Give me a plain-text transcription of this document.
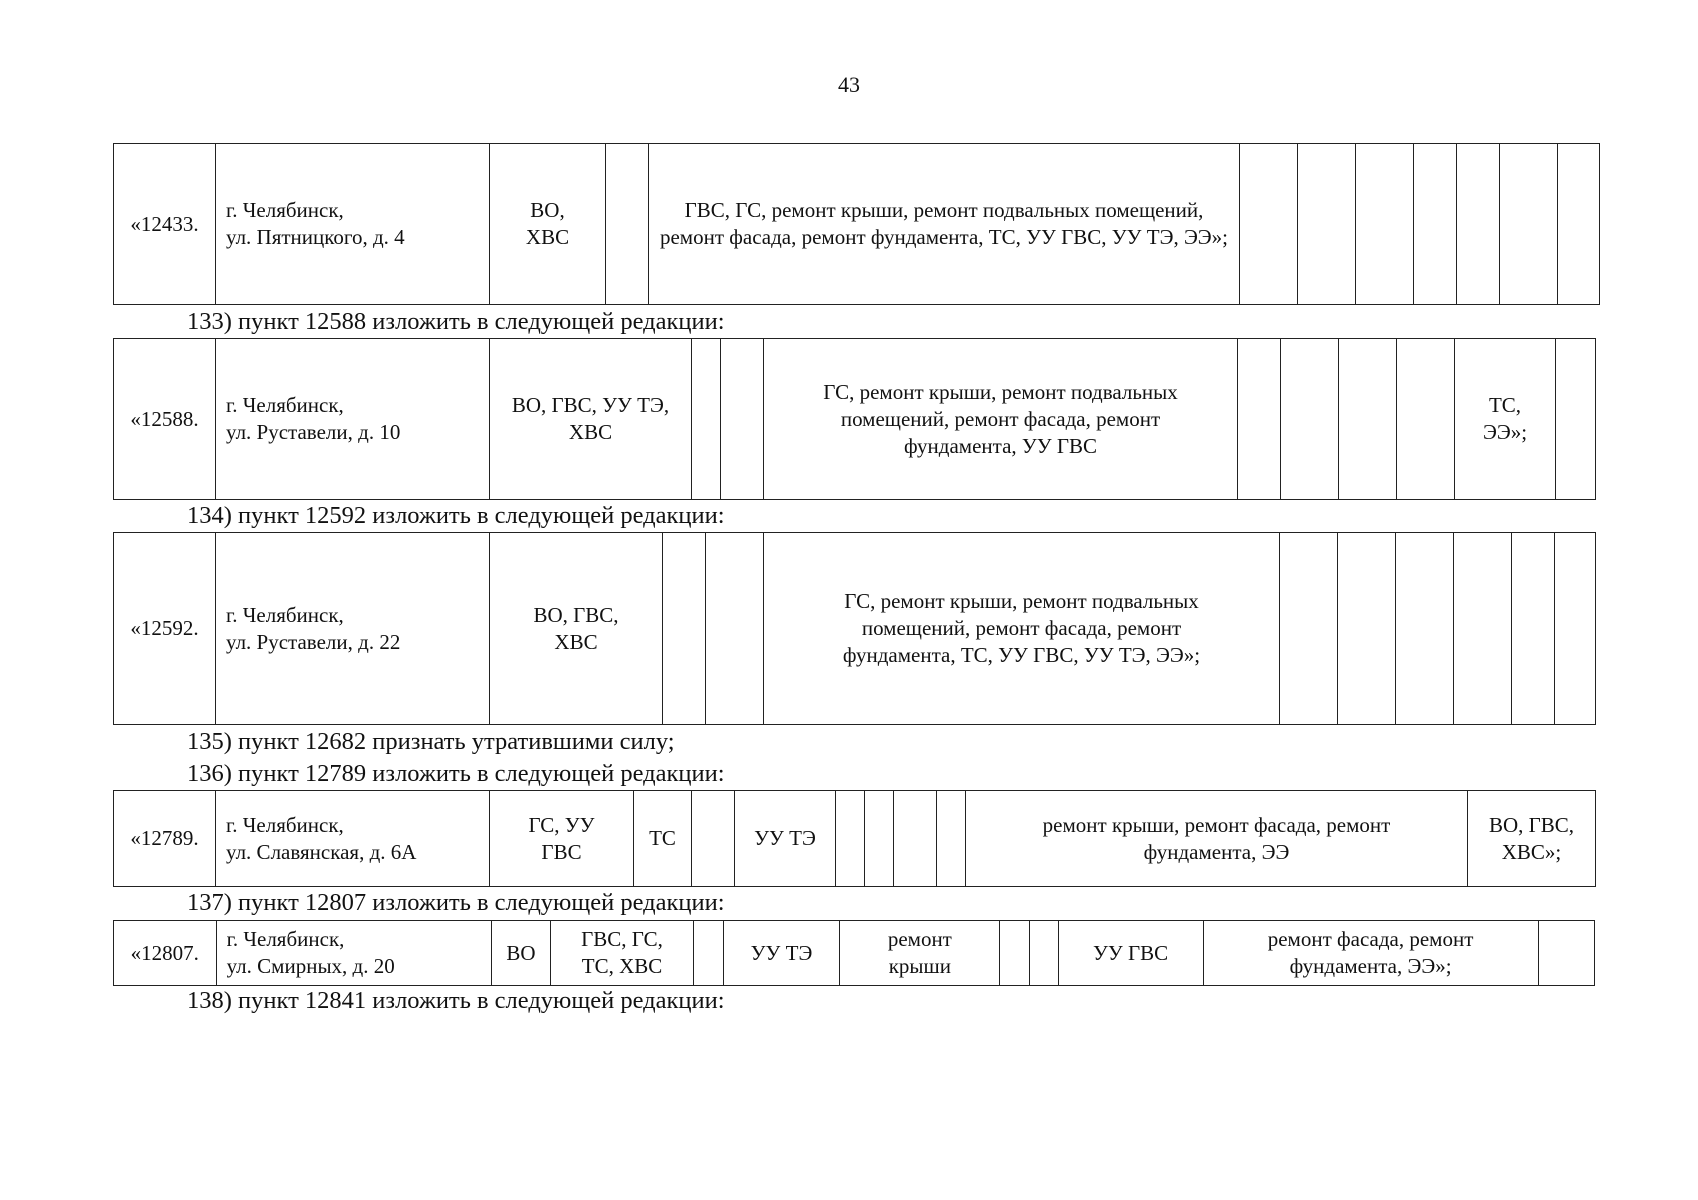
43
«12433.	г. Челябинск,
ул. Пятницкого, д. 4	ВО,
ХВС		ГВС, ГС, ремонт крыши, ремонт подвальных помещений, ремонт фасада, ремонт фундамента, ТС, УУ ГВС, УУ ТЭ, ЭЭ»;							
133) пункт 12588 изложить в следующей редакции:
«12588.	г. Челябинск,
ул. Руставели, д. 10	ВО, ГВС, УУ ТЭ, ХВС			ГС, ремонт крыши, ремонт подвальных помещений, ремонт фасада, ремонт фундамента, УУ ГВС					ТС,
ЭЭ»;	
134) пункт 12592 изложить в следующей редакции:
«12592.	г. Челябинск,
ул. Руставели, д. 22	ВО, ГВС,
ХВС			ГС, ремонт крыши, ремонт подвальных помещений, ремонт фасада, ремонт фундамента, ТС, УУ ГВС, УУ ТЭ, ЭЭ»;						
135) пункт 12682 признать утратившими силу;
136) пункт 12789 изложить в следующей редакции:
«12789.	г. Челябинск,
ул. Славянская, д. 6А	ГС, УУ ГВС	ТС		УУ ТЭ					ремонт крыши, ремонт фасада, ремонт фундамента, ЭЭ	ВО, ГВС,
ХВС»;
137) пункт 12807 изложить в следующей редакции:
«12807.	г. Челябинск,
ул. Смирных, д. 20	ВО	ГВС, ГС,
ТС, ХВС		УУ ТЭ	ремонт
крыши			УУ ГВС	ремонт фасада, ремонт фундамента, ЭЭ»;	
138) пункт 12841 изложить в следующей редакции:
